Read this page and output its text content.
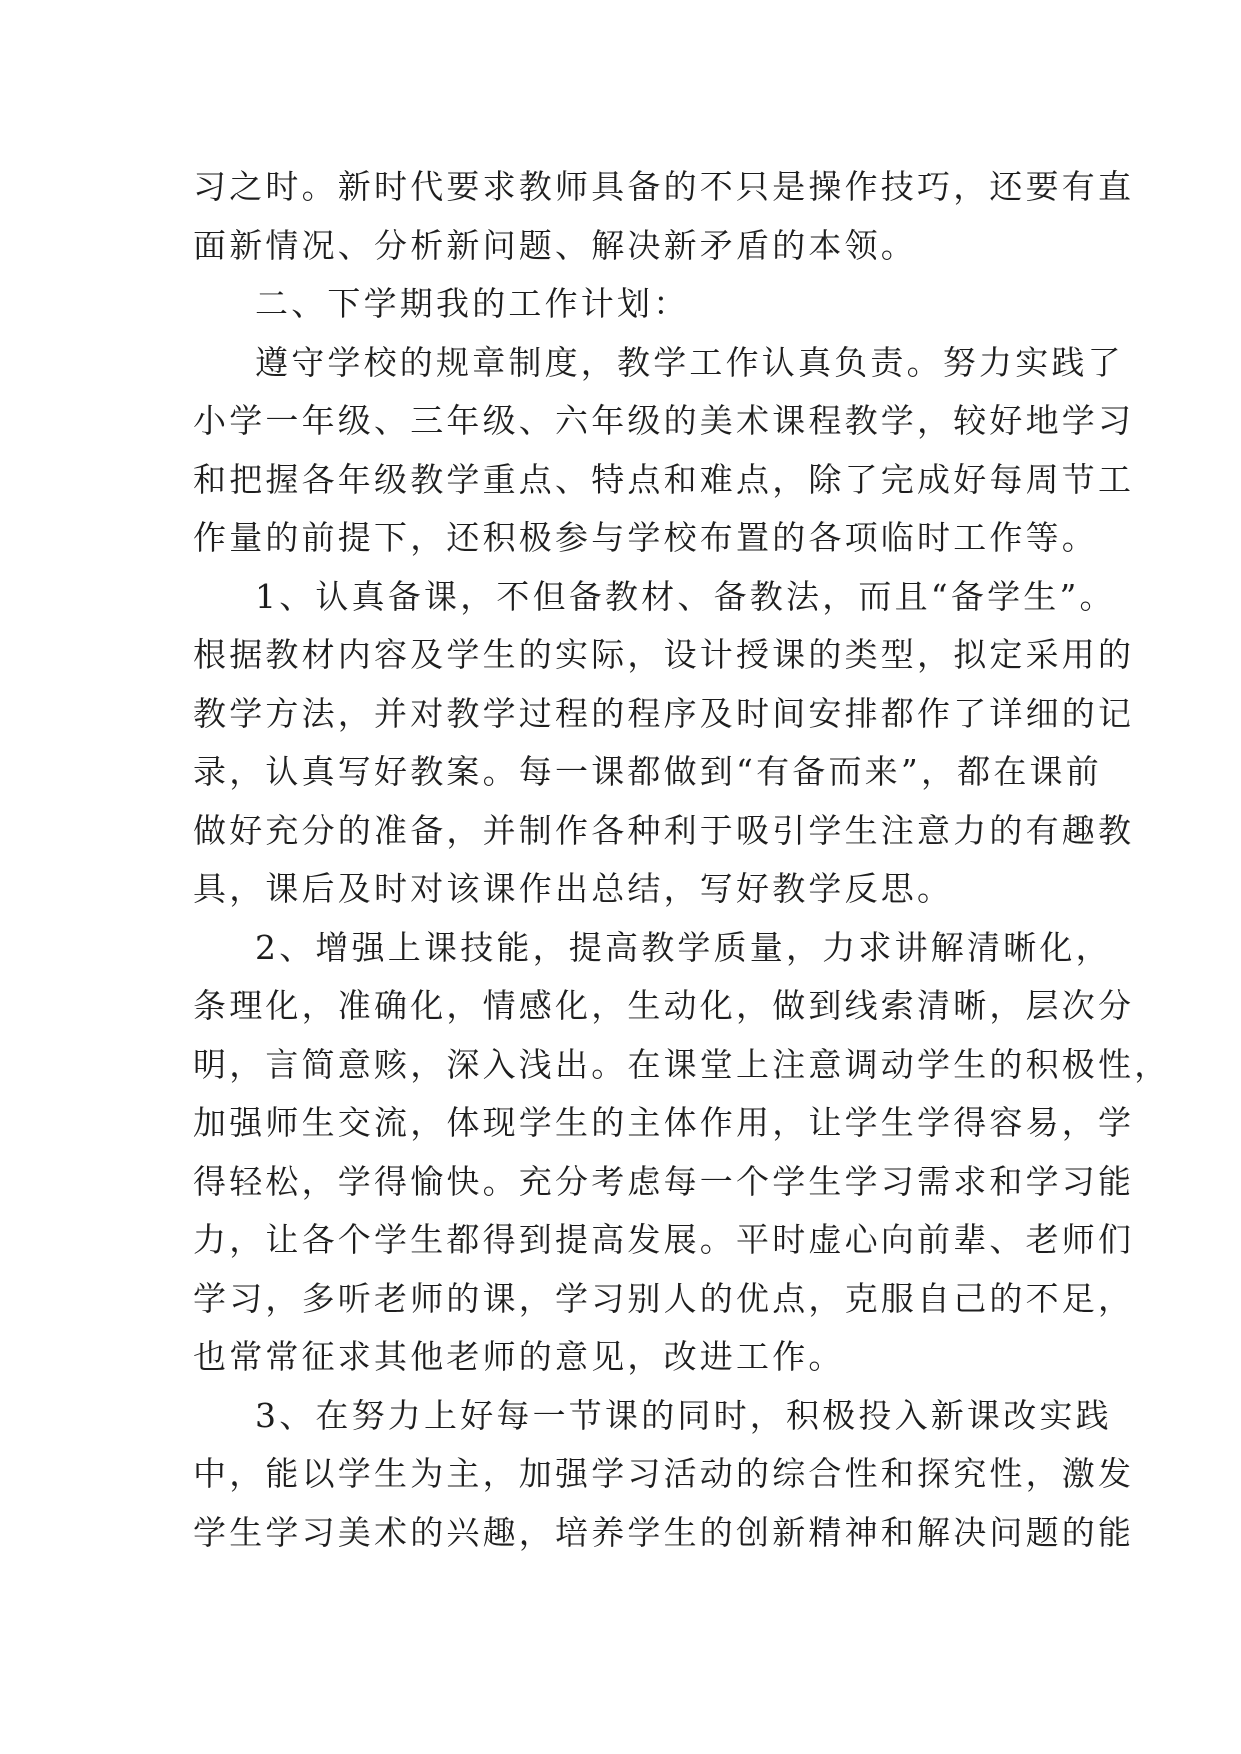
习之时。新时代要求教师具备的不只是操作技巧，还要有直
面新情况、分析新问题、解决新矛盾的本领。

二、下学期我的工作计划：

遵守学校的规章制度，教学工作认真负责。努力实践了
小学一年级、三年级、六年级的美术课程教学，较好地学习
和把握各年级教学重点、特点和难点，除了完成好每周节工
作量的前提下，还积极参与学校布置的各项临时工作等。

1、认真备课，不但备教材、备教法，而且“备学生”。
根据教材内容及学生的实际，设计授课的类型，拟定采用的
教学方法，并对教学过程的程序及时间安排都作了详细的记
录，认真写好教案。每一课都做到“有备而来”，都在课前
做好充分的准备，并制作各种利于吸引学生注意力的有趣教
具，课后及时对该课作出总结，写好教学反思。

2、增强上课技能，提高教学质量，力求讲解清晰化，
条理化，准确化，情感化，生动化，做到线索清晰，层次分
明，言简意赅，深入浅出。在课堂上注意调动学生的积极性，
加强师生交流，体现学生的主体作用，让学生学得容易，学
得轻松，学得愉快。充分考虑每一个学生学习需求和学习能
力，让各个学生都得到提高发展。平时虚心向前辈、老师们
学习，多听老师的课，学习别人的优点，克服自己的不足，
也常常征求其他老师的意见，改进工作。

3、在努力上好每一节课的同时，积极投入新课改实践
中，能以学生为主，加强学习活动的综合性和探究性，激发
学生学习美术的兴趣，培养学生的创新精神和解决问题的能
